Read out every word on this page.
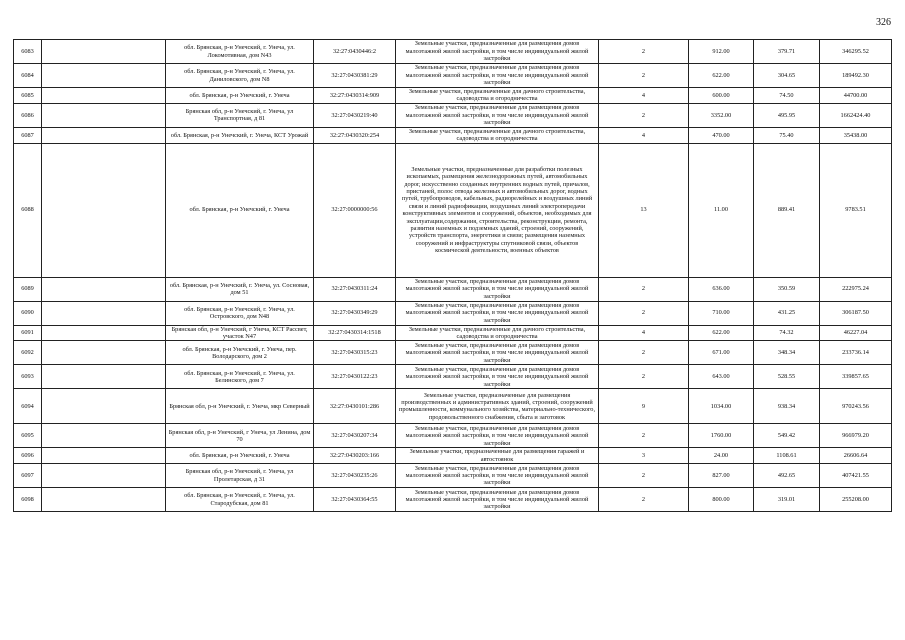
326
6083		обл. Брянская, р-н Унечский, г. Унеча, ул. Локомотивная, дом N43	32:27:0430446:2	Земельные участки, предназначенные для размещения домов малоэтажной жилой застройки, в том числе индивидуальной жилой застройки	2	912.00	379.71	346295.52
6084		обл. Брянская, р-н Унечский, г. Унеча, ул. Даниловского, дом N8	32:27:0430381:29	Земельные участки, предназначенные для размещения домов малоэтажной жилой застройки, в том числе индивидуальной жилой застройки	2	622.00	304.65	189492.30
6085		обл. Брянская, р-н Унечский, г. Унеча	32:27:0430314:909	Земельные участки, предназначенные для дачного строительства, садоводства и огородничества	4	600.00	74.50	44700.00
6086		Брянская обл, р-н Унечский, г. Унеча, ул Транспортная, д 81	32:27:0430219:40	Земельные участки, предназначенные для размещения домов малоэтажной жилой застройки, в том числе индивидуальной жилой застройки	2	3352.00	495.95	1662424.40
6087		обл. Брянская, р-н Унечский, г. Унеча, КСТ Урожай	32:27:0430320:254	Земельные участки, предназначенные для дачного строительства, садоводства и огородничества	4	470.00	75.40	35438.00
6088		обл. Брянская, р-н Унечский, г. Унеча	32:27:0000000:56	Земельные участки, предназначенные для разработки полезных ископаемых, размещения железнодорожных путей, автомобильных дорог, искусственно созданных внутренних водных путей, причалов, пристаней, полос отвода железных и автомобильных дорог, водных путей, трубопроводов, кабельных, радиорелейных и воздушных линий связи и линий радиофикации, воздушных линий электропередачи конструктивных элементов и сооружений, объектов, необходимых для эксплуатации,содержания, строительства, реконструкции, ремонта, развития наземных и подземных зданий, строений, сооружений, устройств транспорта, энергетики и связи; размещения наземных сооружений и инфраструктуры спутниковой связи, объектов космической деятельности, военных объектов	13	11.00	889.41	9783.51
6089		обл. Брянская, р-н Унечский, г. Унеча, ул. Сосновая, дом 51	32:27:0430311:24	Земельные участки, предназначенные для размещения домов малоэтажной жилой застройки, в том числе индивидуальной жилой застройки	2	636.00	350.59	222975.24
6090		обл. Брянская, р-н Унечский, г. Унеча, ул. Островского, дом N48	32:27:0430349:29	Земельные участки, предназначенные для размещения домов малоэтажной жилой застройки, в том числе индивидуальной жилой застройки	2	710.00	431.25	306187.50
6091		Брянская обл, р-н Унечский, г Унеча, КСТ Рассвет, участок N47	32:27:0430314:1518	Земельные участки, предназначенные для дачного строительства, садоводства и огородничества	4	622.00	74.32	46227.04
6092		обл. Брянская, р-н Унечский, г. Унеча, пер. Володарского, дом 2	32:27:0430315:23	Земельные участки, предназначенные для размещения домов малоэтажной жилой застройки, в том числе индивидуальной жилой застройки	2	671.00	348.34	233736.14
6093		обл. Брянская, р-н Унечский, г. Унеча, ул. Белинского, дом 7	32:27:0430122:23	Земельные участки, предназначенные для размещения домов малоэтажной жилой застройки, в том числе индивидуальной жилой застройки	2	643.00	528.55	339857.65
6094		Брянская обл, р-н Унечский, г. Унеча, мкр Северный	32:27:0430101:286	Земельные участки, предназначенные для размещения производственных и административных зданий, строений, сооружений промышленности, коммунального хозяйства, материально-технического, продовольственного снабжения, сбыта и заготовок	9	1034.00	938.34	970243.56
6095		Брянская обл, р-н Унечский, г Унеча, ул Ленина, дом 70	32:27:0430207:34	Земельные участки, предназначенные для размещения домов малоэтажной жилой застройки, в том числе индивидуальной жилой застройки	2	1760.00	549.42	966979.20
6096		обл. Брянская, р-н Унечский, г. Унеча	32:27:0430203:166	Земельные участки, предназначенные для размещения гаражей и автостоянок	3	24.00	1108.61	26606.64
6097		Брянская обл, р-н Унечский, г. Унеча, ул Пролетарская, д 31	32:27:0430235:26	Земельные участки, предназначенные для размещения домов малоэтажной жилой застройки, в том числе индивидуальной жилой застройки	2	827.00	492.65	407421.55
6098		обл. Брянская, р-н Унечский, г. Унеча, ул. Стародубская, дом 81	32:27:0430364:55	Земельные участки, предназначенные для размещения домов малоэтажной жилой застройки, в том числе индивидуальной жилой застройки	2	800.00	319.01	255208.00
